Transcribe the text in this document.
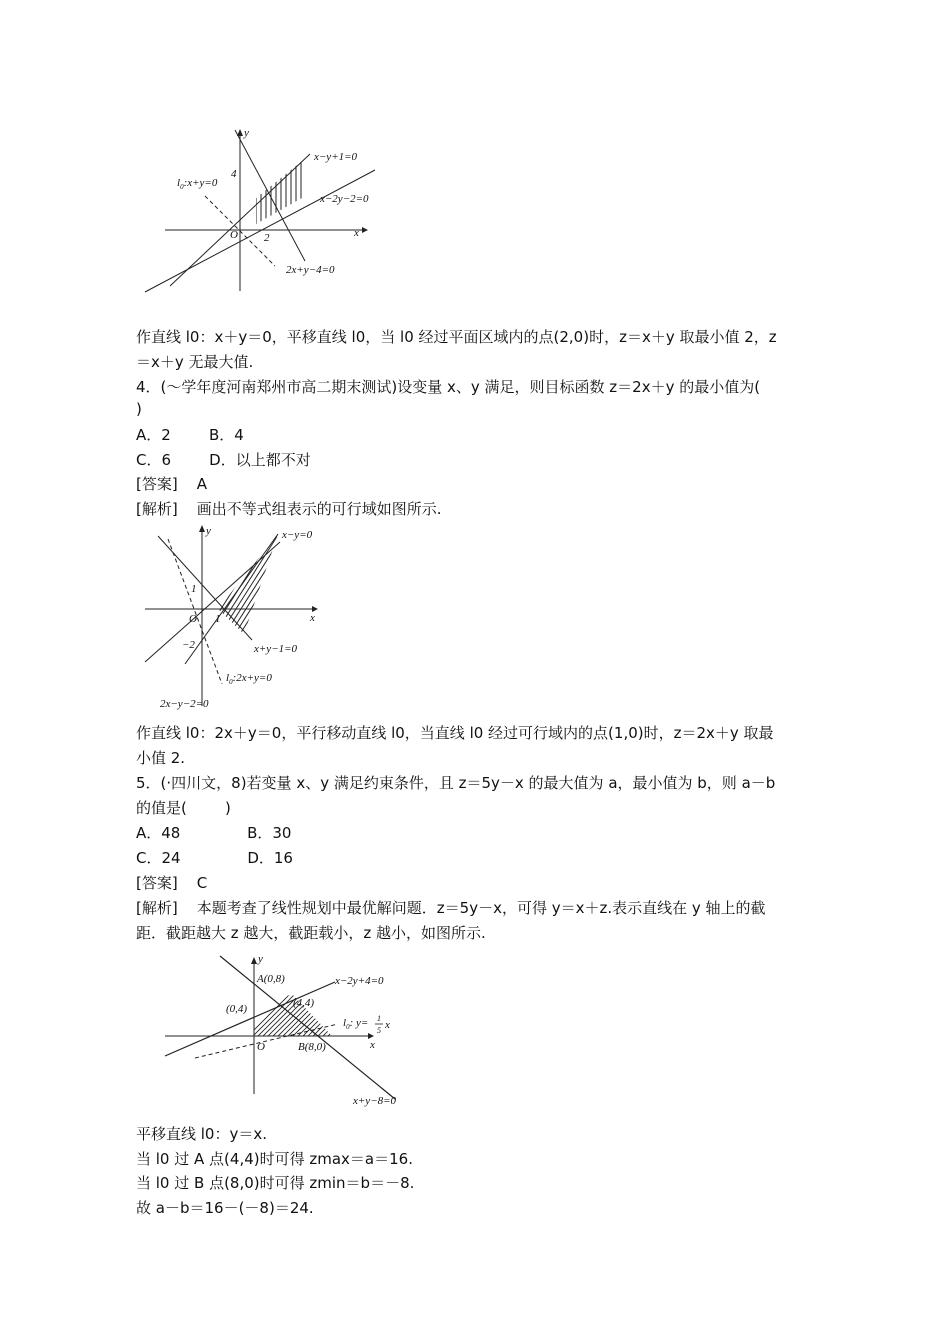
y
x
O
4
2
$l_0:x+y=0$
x−y+1=0
x−2y−2=0
2x+y−4=0
作直线 l0：x＋y＝0，平移直线 l0，当 l0 经过平面区域内的点(2,0)时，z＝x＋y 取最小值 2，z
＝x＋y 无最大值.
4．(～学年度河南郑州市高二期末测试)设变量 x、y 满足，则目标函数 z＝2x＋y 的最小值为(
)
A．2        B．4
C．6        D．以上都不对
[答案]    A
[解析]    画出不等式组表示的可行域如图所示.
y
x
O
1
1
−2
x−y=0
x+y−1=0
2x−y−2=0
$l_0:2x+y=0$
作直线 l0：2x＋y＝0，平行移动直线 l0，当直线 l0 经过可行域内的点(1,0)时，z＝2x＋y 取最
小值 2.
5．(·四川文，8)若变量 x、y 满足约束条件，且 z＝5y－x 的最大值为 a，最小值为 b，则 a－b
的值是(        )
A．48              B．30
C．24              D．16
[答案]    C
[解析]    本题考查了线性规划中最优解问题．z＝5y－x，可得 y＝x＋z.表示直线在 y 轴上的截
距．截距越大 z 越大，截距载小，z 越小，如图所示.
y
x
O
A(0,8)
(0,4)	(4,4)
B(8,0)
x−2y+4=0
x+y−8=0
$l_0$: y= 1
5 x
平移直线 l0：y＝x.
当 l0 过 A 点(4,4)时可得 zmax＝a＝16.
当 l0 过 B 点(8,0)时可得 zmin＝b＝－8.
故 a－b＝16－(－8)＝24.
